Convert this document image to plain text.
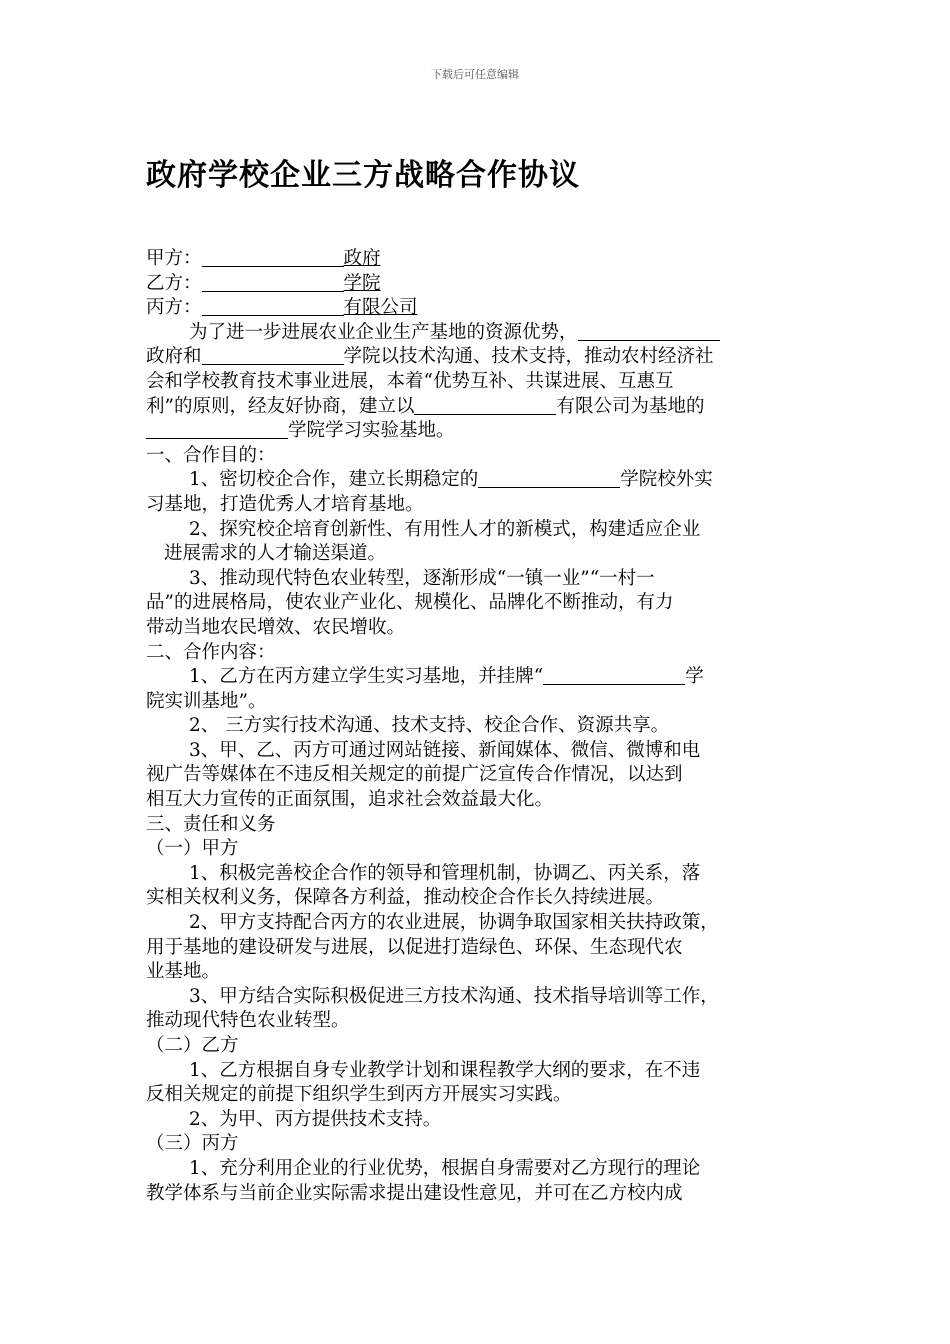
下载后可任意编辑
政府学校企业三方战略合作协议
甲方：	政府
乙方：	学院
丙方：	有限公司
为了进一步进展农业企业生产基地的资源优势，
政府和	学院以技术沟通、技术支持，推动农村经济社
会和学校教育技术事业进展，本着“优势互补、共谋进展、互惠互
利”的原则，经友好协商，建立以	有限公司为基地的
学院学习实验基地。
一、合作目的：
1、密切校企合作，建立长期稳定的	学院校外实
习基地，打造优秀人才培育基地。
2、探究校企培育创新性、有用性人才的新模式，构建适应企业
进展需求的人才输送渠道。
3、推动现代特色农业转型，逐渐形成“一镇一业”“一村一
品”的进展格局，使农业产业化、规模化、品牌化不断推动，有力
带动当地农民增效、农民增收。
二、合作内容：
1、乙方在丙方建立学生实习基地，并挂牌“	学
院实训基地”。
2、 三方实行技术沟通、技术支持、校企合作、资源共享。
3、甲、乙、丙方可通过网站链接、新闻媒体、微信、微博和电
视广告等媒体在不违反相关规定的前提广泛宣传合作情况，以达到
相互大力宣传的正面氛围，追求社会效益最大化。
三、责任和义务
（一）甲方
1、积极完善校企合作的领导和管理机制，协调乙、丙关系，落
实相关权利义务，保障各方利益，推动校企合作长久持续进展。
2、甲方支持配合丙方的农业进展，协调争取国家相关扶持政策，
用于基地的建设研发与进展，以促进打造绿色、环保、生态现代农
业基地。
3、甲方结合实际积极促进三方技术沟通、技术指导培训等工作，
推动现代特色农业转型。
（二）乙方
1、乙方根据自身专业教学计划和课程教学大纲的要求，在不违
反相关规定的前提下组织学生到丙方开展实习实践。
2、为甲、丙方提供技术支持。
（三）丙方
1、充分利用企业的行业优势，根据自身需要对乙方现行的理论
教学体系与当前企业实际需求提出建设性意见，并可在乙方校内成
